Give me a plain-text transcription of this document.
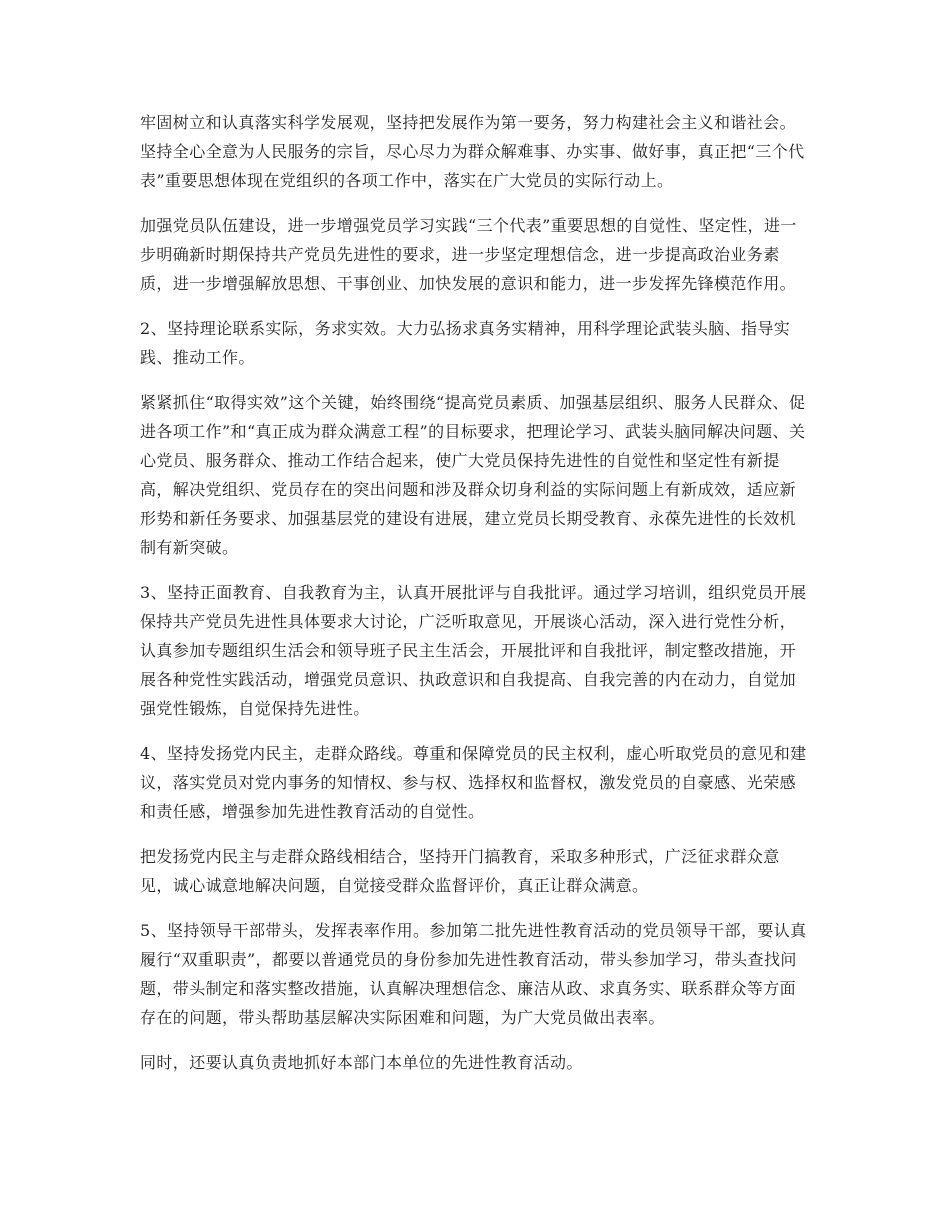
牢固树立和认真落实科学发展观，坚持把发展作为第一要务，努力构建社会主义和谐社会。坚持全心全意为人民服务的宗旨，尽心尽力为群众解难事、办实事、做好事，真正把“三个代表”重要思想体现在党组织的各项工作中，落实在广大党员的实际行动上。

加强党员队伍建设，进一步增强党员学习实践“三个代表”重要思想的自觉性、坚定性，进一步明确新时期保持共产党员先进性的要求，进一步坚定理想信念，进一步提高政治业务素质，进一步增强解放思想、干事创业、加快发展的意识和能力，进一步发挥先锋模范作用。

2、坚持理论联系实际，务求实效。大力弘扬求真务实精神，用科学理论武装头脑、指导实践、推动工作。

紧紧抓住“取得实效”这个关键，始终围绕“提高党员素质、加强基层组织、服务人民群众、促进各项工作”和“真正成为群众满意工程”的目标要求，把理论学习、武装头脑同解决问题、关心党员、服务群众、推动工作结合起来，使广大党员保持先进性的自觉性和坚定性有新提高，解决党组织、党员存在的突出问题和涉及群众切身利益的实际问题上有新成效，适应新形势和新任务要求、加强基层党的建设有进展，建立党员长期受教育、永葆先进性的长效机制有新突破。

3、坚持正面教育、自我教育为主，认真开展批评与自我批评。通过学习培训，组织党员开展保持共产党员先进性具体要求大讨论，广泛听取意见，开展谈心活动，深入进行党性分析，认真参加专题组织生活会和领导班子民主生活会，开展批评和自我批评，制定整改措施，开展各种党性实践活动，增强党员意识、执政意识和自我提高、自我完善的内在动力，自觉加强党性锻炼，自觉保持先进性。

4、坚持发扬党内民主，走群众路线。尊重和保障党员的民主权利，虚心听取党员的意见和建议，落实党员对党内事务的知情权、参与权、选择权和监督权，激发党员的自豪感、光荣感和责任感，增强参加先进性教育活动的自觉性。

把发扬党内民主与走群众路线相结合，坚持开门搞教育，采取多种形式，广泛征求群众意见，诚心诚意地解决问题，自觉接受群众监督评价，真正让群众满意。

5、坚持领导干部带头，发挥表率作用。参加第二批先进性教育活动的党员领导干部，要认真履行“双重职责”，都要以普通党员的身份参加先进性教育活动，带头参加学习，带头查找问题，带头制定和落实整改措施，认真解决理想信念、廉洁从政、求真务实、联系群众等方面存在的问题，带头帮助基层解决实际困难和问题，为广大党员做出表率。

同时，还要认真负责地抓好本部门本单位的先进性教育活动。
